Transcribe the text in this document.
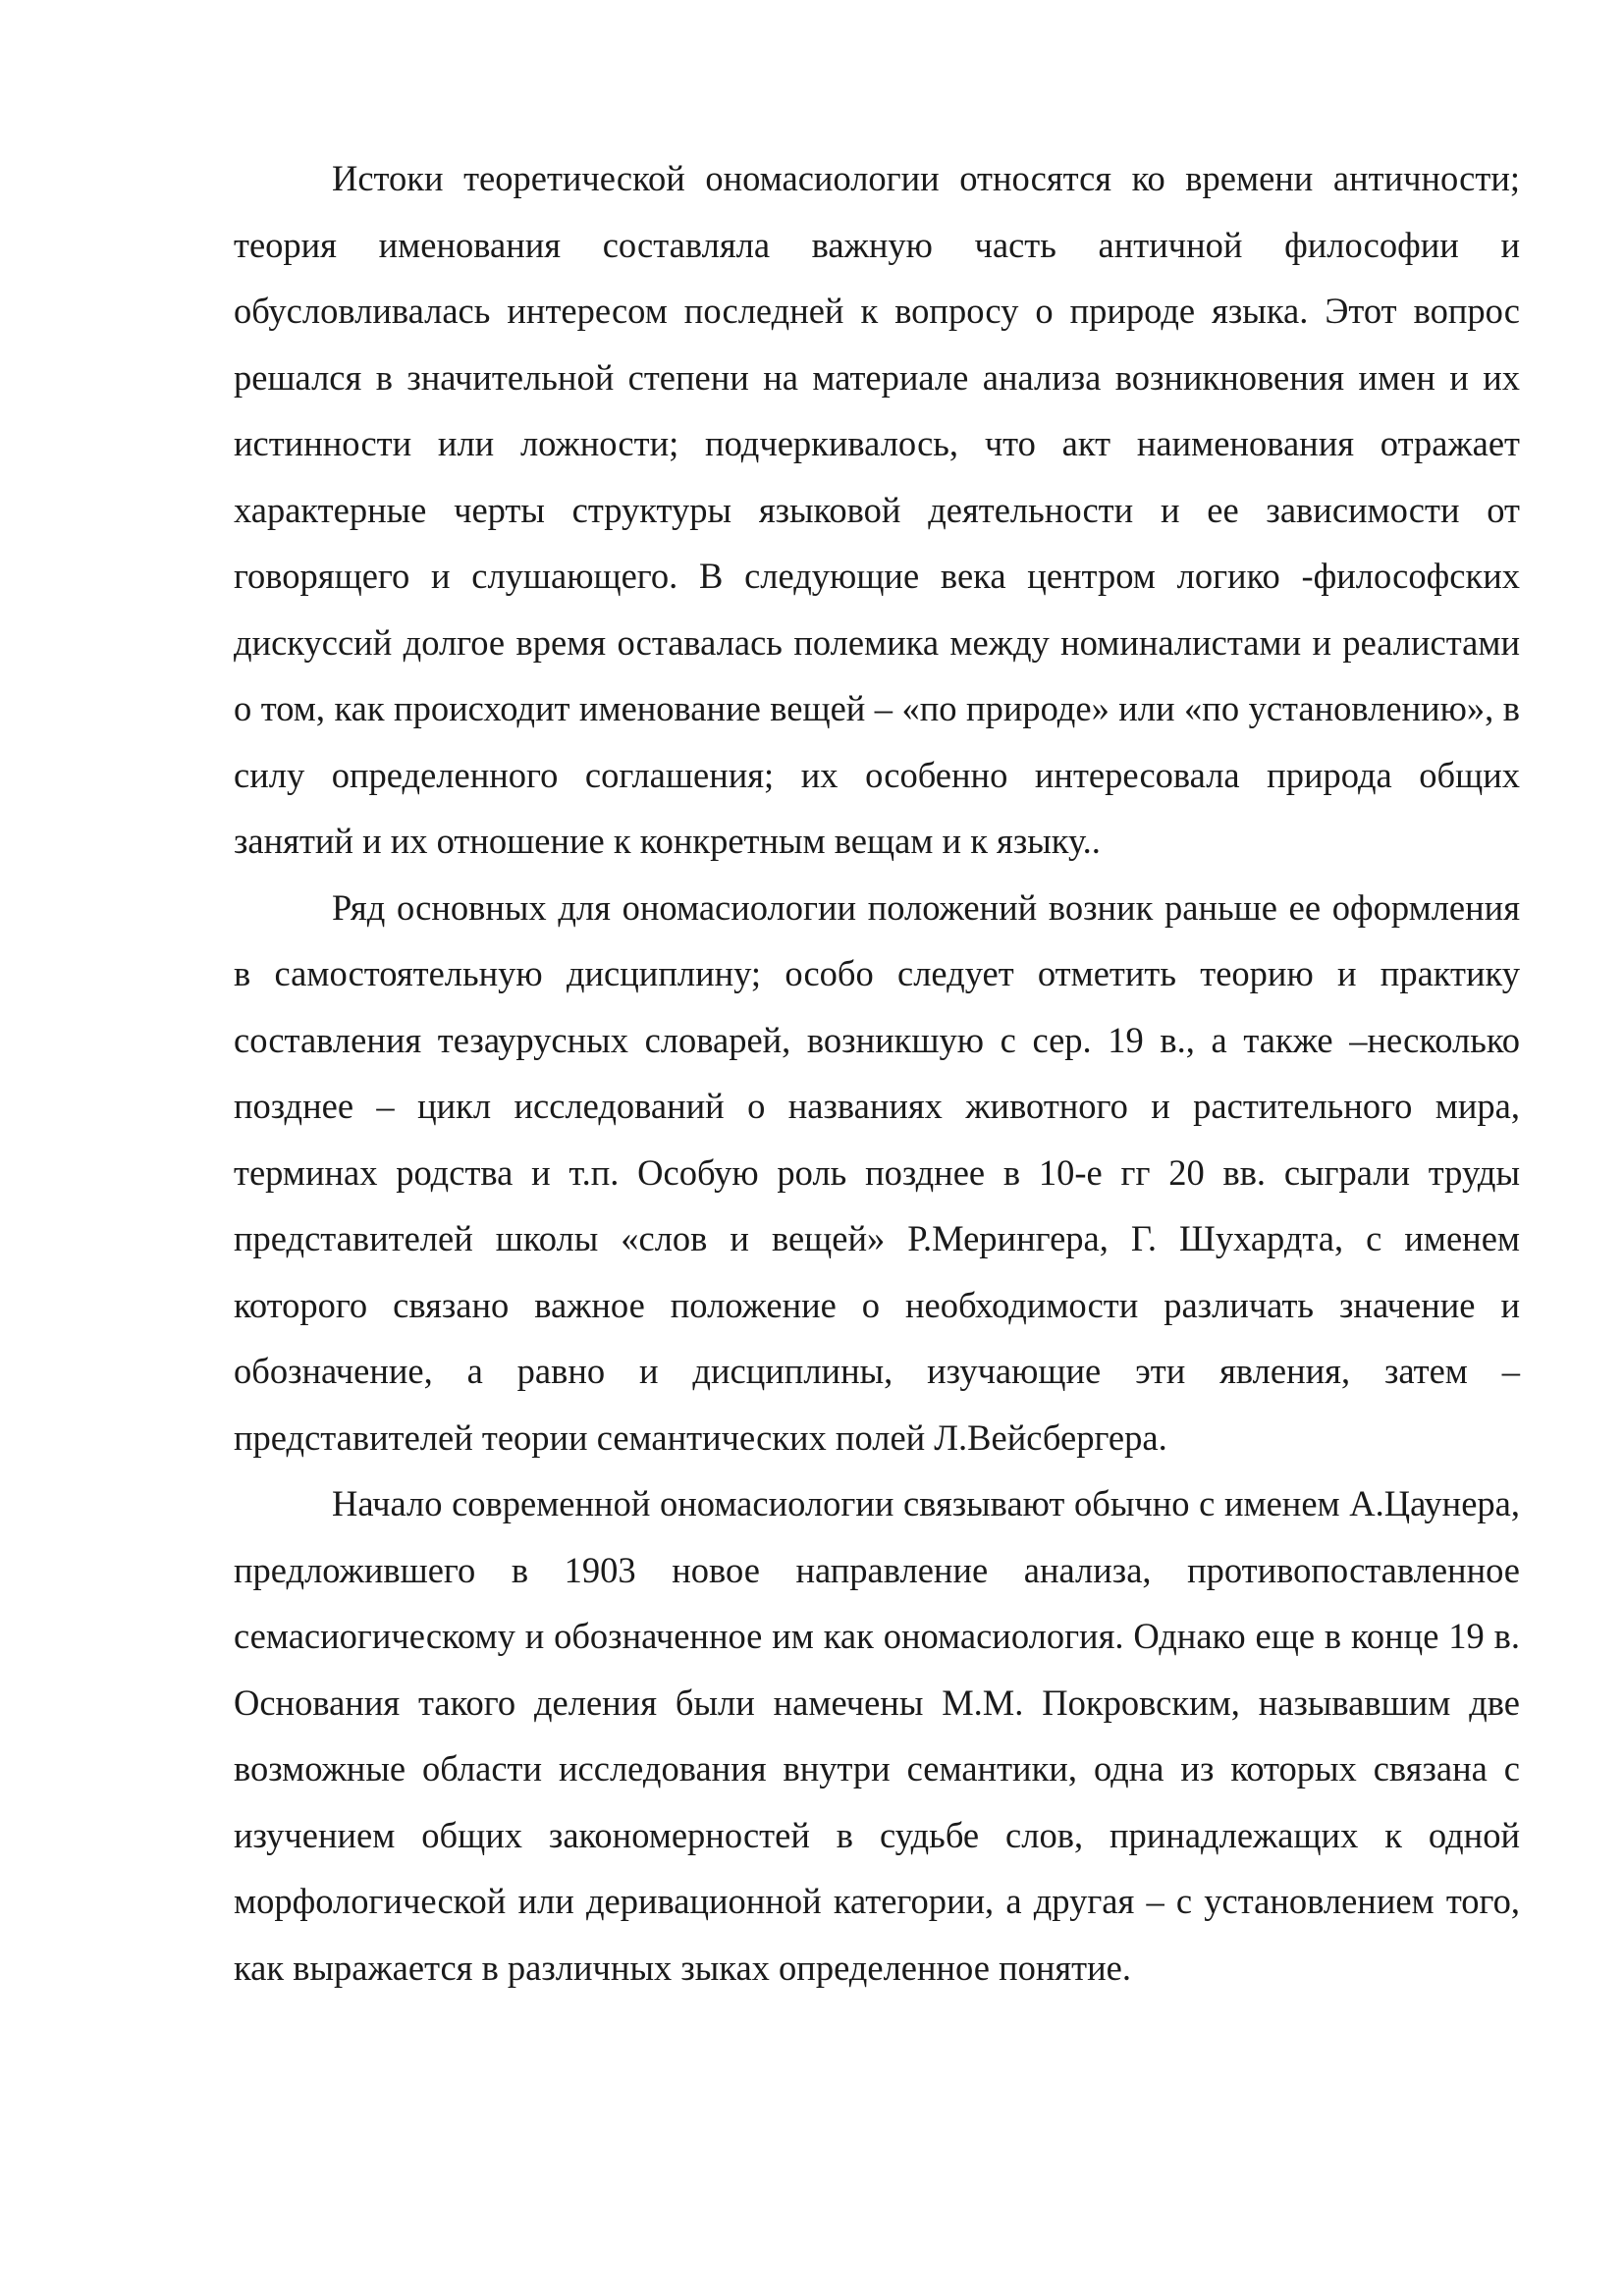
Истоки теоретической ономасиологии относятся ко времени античности; теория именования составляла важную часть античной философии и обусловливалась интересом последней к вопросу о природе языка. Этот вопрос решался в значительной степени на материале анализа возникновения имен и их истинности или ложности; подчеркивалось, что акт наименования отражает характерные черты структуры языковой деятельности и ее зависимости от говорящего и слушающего. В следующие века центром логико -философских дискуссий долгое время оставалась полемика между номиналистами и реалистами о том, как происходит именование вещей – «по природе» или «по установлению», в силу определенного соглашения; их особенно интересовала природа общих занятий и их отношение к конкретным вещам и к языку..

Ряд основных для ономасиологии положений возник раньше ее оформления в самостоятельную дисциплину; особо следует отметить теорию и практику составления тезаурусных словарей, возникшую с сер. 19 в., а также –несколько позднее – цикл исследований о названиях животного и растительного мира, терминах родства и т.п. Особую роль позднее в 10-е гг 20 вв. сыграли труды представителей школы «слов и вещей» Р.Мерингера, Г. Шухардта, с именем которого связано важное положение о необходимости различать значение и обозначение, а равно и дисциплины, изучающие эти явления, затем – представителей теории семантических полей Л.Вейсбергера.

Начало современной ономасиологии связывают обычно с именем А.Цаунера, предложившего в 1903 новое направление анализа, противопоставленное семасиогическому и обозначенное им как ономасиология. Однако еще в конце 19 в. Основания такого деления были намечены М.М. Покровским, называвшим две возможные области исследования внутри семантики, одна из которых связана с изучением общих закономерностей в судьбе слов, принадлежащих к одной морфологической или деривационной категории, а другая – с установлением того, как выражается в различных зыках определенное понятие.
